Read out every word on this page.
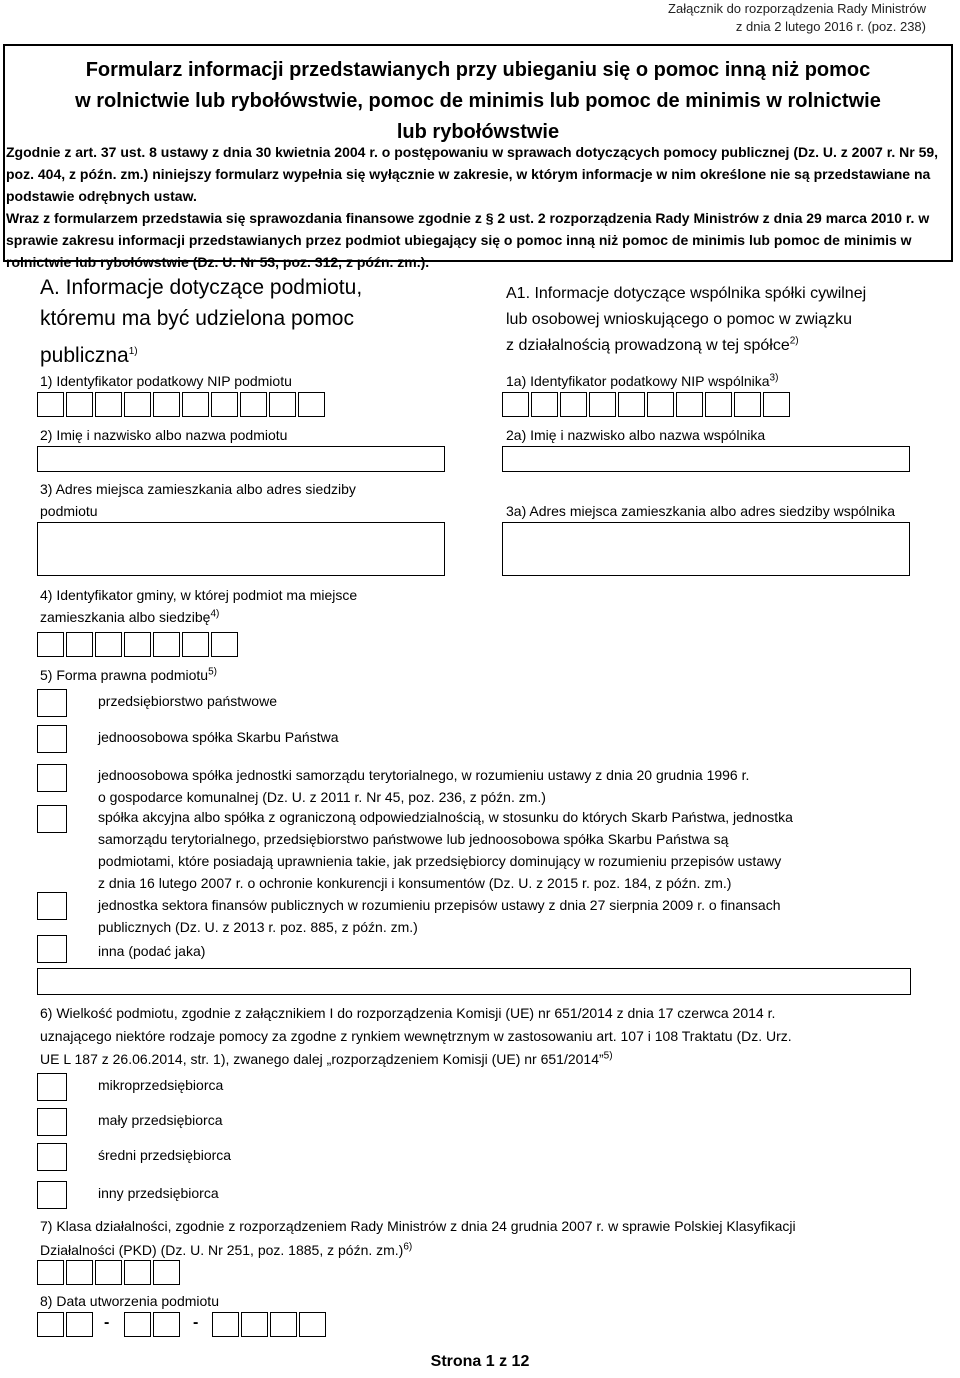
Załącznik do rozporządzenia Rady Ministrów
z dnia 2 lutego 2016 r. (poz. 238)
Formularz informacji przedstawianych przy ubieganiu się o pomoc inną niż pomoc
w rolnictwie lub rybołówstwie, pomoc de minimis lub pomoc de minimis w rolnictwie
lub rybołówstwie

Zgodnie z art. 37 ust. 8 ustawy z dnia 30 kwietnia 2004 r. o postępowaniu w sprawach dotyczących pomocy publicznej (Dz. U. z 2007 r. Nr 59, poz. 404, z późn. zm.) niniejszy formularz wypełnia się wyłącznie w zakresie, w którym informacje w nim określone nie są przedstawiane na podstawie odrębnych ustaw.

Wraz z formularzem przedstawia się sprawozdania finansowe zgodnie z § 2 ust. 2 rozporządzenia Rady Ministrów z dnia 29 marca 2010 r. w sprawie zakresu informacji przedstawianych przez podmiot ubiegający się o pomoc inną niż pomoc de minimis lub pomoc de minimis w rolnictwie lub rybołówstwie (Dz. U. Nr 53, poz. 312, z późn. zm.).

A. Informacje dotyczące podmiotu,
któremu ma być udzielona pomoc
publiczna$^{1)}$
A1. Informacje dotyczące wspólnika spółki cywilnej
lub osobowej wnioskującego o pomoc w związku
z działalnością prowadzoną w tej spółce$^{2)}$
1) Identyfikator podatkowy NIP podmiotu	1a) Identyfikator podatkowy NIP wspólnika$^{3)}$
2) Imię i nazwisko albo nazwa podmiotu	2a) Imię i nazwisko albo nazwa wspólnika
3) Adres miejsca zamieszkania albo adres siedziby
podmiotu	3a) Adres miejsca zamieszkania albo adres siedziby wspólnika
4) Identyfikator gminy, w której podmiot ma miejsce
zamieszkania albo siedzibę$^{4)}$
5) Forma prawna podmiotu$^{5)}$
przedsiębiorstwo państwowe
jednoosobowa spółka Skarbu Państwa
jednoosobowa spółka jednostki samorządu terytorialnego, w rozumieniu ustawy z dnia 20 grudnia 1996 r.
o gospodarce komunalnej (Dz. U. z 2011 r. Nr 45, poz. 236, z późn. zm.)
spółka akcyjna albo spółka z ograniczoną odpowiedzialnością, w stosunku do których Skarb Państwa, jednostka
samorządu terytorialnego, przedsiębiorstwo państwowe lub jednoosobowa spółka Skarbu Państwa są
podmiotami, które posiadają uprawnienia takie, jak przedsiębiorcy dominujący w rozumieniu przepisów ustawy
z dnia 16 lutego 2007 r. o ochronie konkurencji i konsumentów (Dz. U. z 2015 r. poz. 184, z późn. zm.)
jednostka sektora finansów publicznych w rozumieniu przepisów ustawy z dnia 27 sierpnia 2009 r. o finansach
publicznych (Dz. U. z 2013 r. poz. 885, z późn. zm.)
inna (podać jaka)
6) Wielkość podmiotu, zgodnie z załącznikiem I do rozporządzenia Komisji (UE) nr 651/2014 z dnia 17 czerwca 2014 r.
uznającego niektóre rodzaje pomocy za zgodne z rynkiem wewnętrznym w zastosowaniu art. 107 i 108 Traktatu (Dz. Urz.
UE L 187 z 26.06.2014, str. 1), zwanego dalej „rozporządzeniem Komisji (UE) nr 651/2014”$^{5)}$
mikroprzedsiębiorca
mały przedsiębiorca
średni przedsiębiorca
inny przedsiębiorca
7) Klasa działalności, zgodnie z rozporządzeniem Rady Ministrów z dnia 24 grudnia 2007 r. w sprawie Polskiej Klasyfikacji
Działalności (PKD) (Dz. U. Nr 251, poz. 1885, z późn. zm.)$^{6)}$
8) Data utworzenia podmiotu
-	-
Strona 1 z 12
